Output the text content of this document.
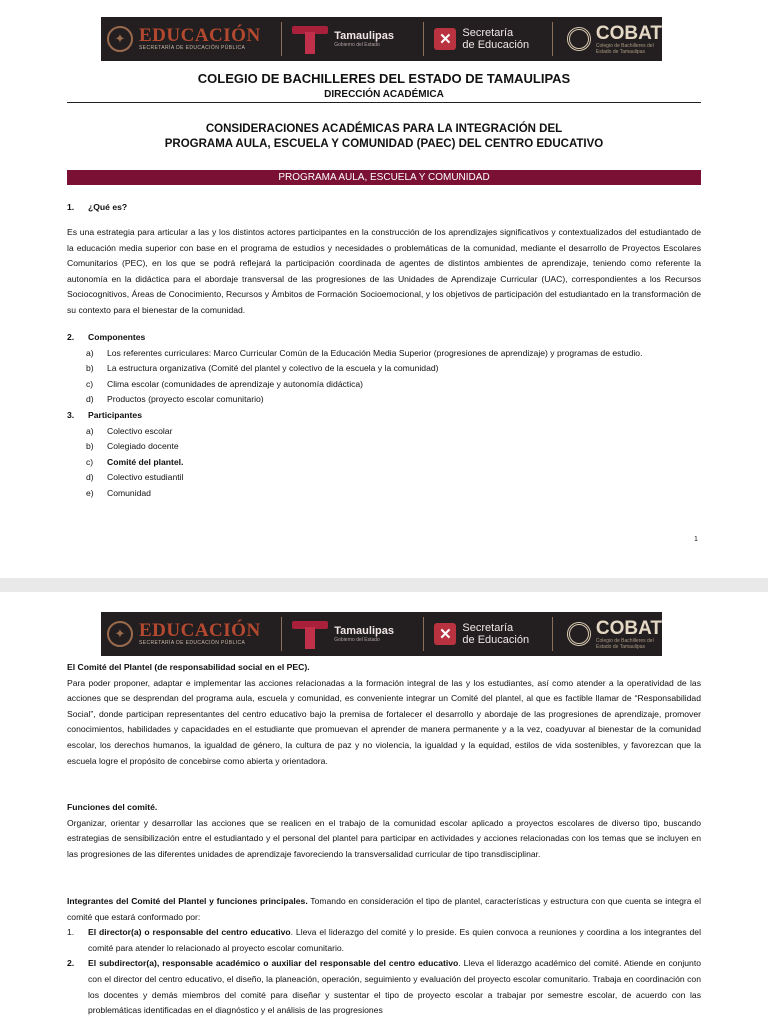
✦ EDUCACIÓN
SECRETARÍA DE EDUCACIÓN PÚBLICA
Tamaulipas
Gobierno del Estado	✕ Secretaría
de Educación
COBAT
Colegio de Bachilleres del
Estado de Tamaulipas
COLEGIO DE BACHILLERES DEL ESTADO DE TAMAULIPAS
DIRECCIÓN ACADÉMICA
CONSIDERACIONES ACADÉMICAS PARA LA INTEGRACIÓN DEL
PROGRAMA AULA, ESCUELA Y COMUNIDAD (PAEC) DEL CENTRO EDUCATIVO
PROGRAMA AULA, ESCUELA Y COMUNIDAD
1.	¿Qué es?

Es una estrategia para articular a las y los distintos actores participantes en la construcción de los aprendizajes significativos y contextualizados del estudiantado de la educación media superior con base en el programa de estudios y necesidades o problemáticas de la comunidad, mediante el desarrollo de Proyectos Escolares Comunitarios (PEC), en los que se podrá reflejará la participación coordinada de agentes de distintos ambientes de aprendizaje, teniendo como referente la autonomía en la didáctica para el abordaje transversal de las progresiones de las Unidades de Aprendizaje Curricular (UAC), correspondientes a los Recursos Sociocognitivos, Áreas de Conocimiento, Recursos y Ámbitos de Formación Socioemocional, y los objetivos de participación del estudiantado en la transformación de su contexto para el bienestar de la comunidad.

2.	Componentes
a)	Los referentes curriculares: Marco Curricular Común de la Educación Media Superior (progresiones de aprendizaje) y programas de estudio.
b)	La estructura organizativa (Comité del plantel y colectivo de la escuela y la comunidad)
c)	Clima escolar (comunidades de aprendizaje y autonomía didáctica)
d)	Productos (proyecto escolar comunitario)
3.	Participantes
a)	Colectivo escolar
b)	Colegiado docente
c)	Comité del plantel.
d)	Colectivo estudiantil
e)	Comunidad
1
✦ EDUCACIÓN
SECRETARÍA DE EDUCACIÓN PÚBLICA
Tamaulipas
Gobierno del Estado	✕ Secretaría
de Educación
COBAT
Colegio de Bachilleres del
Estado de Tamaulipas

El Comité del Plantel (de responsabilidad social en el PEC).

Para poder proponer, adaptar e implementar las acciones relacionadas a la formación integral de las y los estudiantes, así como atender a la operatividad de las acciones que se desprendan del programa aula, escuela y comunidad, es conveniente integrar un Comité del plantel, al que es factible llamar de “Responsabilidad Social”, donde participan representantes del centro educativo bajo la premisa de fortalecer el desarrollo y abordaje de las progresiones de aprendizaje, promover conocimientos, habilidades y capacidades en el estudiante que promuevan el aprender de manera permanente y a la vez, coadyuvar al bienestar de la comunidad escolar, los derechos humanos, la igualdad de género, la cultura de paz y no violencia, la igualdad y la equidad, estilos de vida sostenibles, y favorezcan que la escuela logre el propósito de concebirse como abierta y orientadora.

Funciones del comité.

Organizar, orientar y desarrollar las acciones que se realicen en el trabajo de la comunidad escolar aplicado a proyectos escolares de diverso tipo, buscando estrategias de sensibilización entre el estudiantado y el personal del plantel para participar en actividades y acciones relacionadas con los temas que se incluyen en las progresiones de las diferentes unidades de aprendizaje favoreciendo la transversalidad curricular de tipo transdisciplinar.

Integrantes del Comité del Plantel y funciones principales. Tomando en consideración el tipo de plantel, características y estructura con que cuenta se integra el comité que estará conformado por:

1.	El director(a) o responsable del centro educativo. Lleva el liderazgo del comité y lo preside. Es quien convoca a reuniones y coordina a los integrantes del comité para atender lo relacionado al proyecto escolar comunitario.
2.	El subdirector(a), responsable académico o auxiliar del responsable del centro educativo. Lleva el liderazgo académico del comité. Atiende en conjunto con el director del centro educativo, el diseño, la planeación, operación, seguimiento y evaluación del proyecto escolar comunitario. Trabaja en coordinación con los docentes y demás miembros del comité para diseñar y sustentar el tipo de proyecto escolar a trabajar por semestre escolar, de acuerdo con las problemáticas identificadas en el diagnóstico y el análisis de las progresiones
